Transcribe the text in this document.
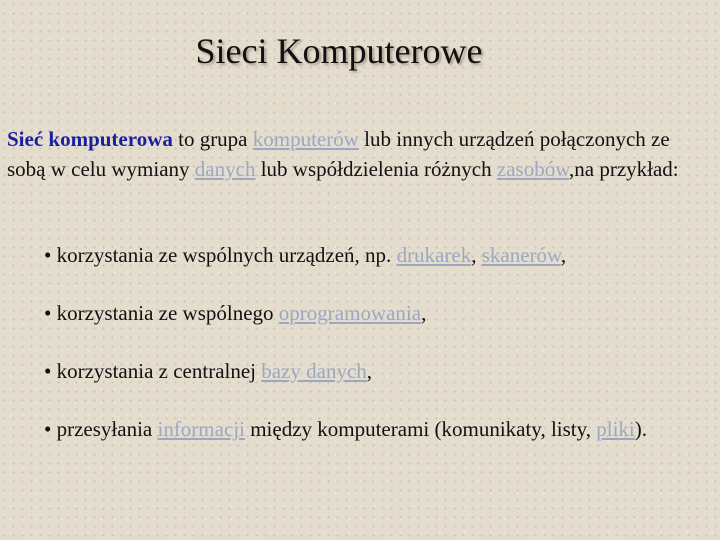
Sieci Komputerowe

Sieć komputerowa to grupa komputerów lub innych urządzeń połączonych ze sobą w celu wymiany danych lub współdzielenia różnych zasobów,na przykład:

• korzystania ze wspólnych urządzeń, np. drukarek, skanerów,

• korzystania ze wspólnego oprogramowania,

• korzystania z centralnej bazy danych,

• przesyłania informacji między komputerami (komunikaty, listy, pliki).
